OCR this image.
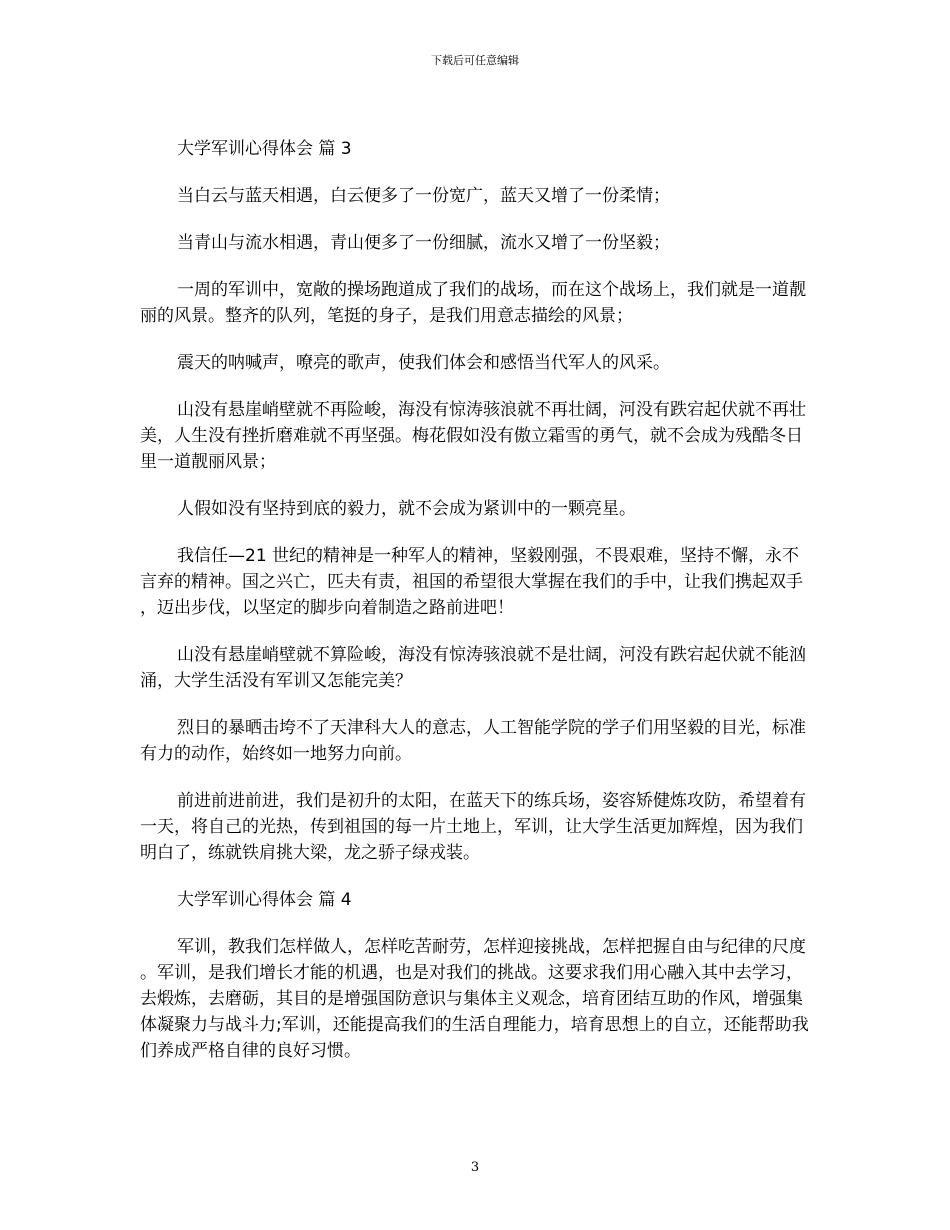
下载后可任意编辑

大学军训心得体会 篇 3

当白云与蓝天相遇，白云便多了一份宽广，蓝天又增了一份柔情；

当青山与流水相遇，青山便多了一份细腻，流水又增了一份坚毅；

一周的军训中，宽敞的操场跑道成了我们的战场，而在这个战场上，我们就是一道靓丽的风景。整齐的队列，笔挺的身子，是我们用意志描绘的风景；

震天的呐喊声，嘹亮的歌声，使我们体会和感悟当代军人的风采。

山没有悬崖峭壁就不再险峻，海没有惊涛骇浪就不再壮阔，河没有跌宕起伏就不再壮美，人生没有挫折磨难就不再坚强。梅花假如没有傲立霜雪的勇气，就不会成为残酷冬日里一道靓丽风景；

人假如没有坚持到底的毅力，就不会成为紧训中的一颗亮星。

我信任—21 世纪的精神是一种军人的精神，坚毅刚强，不畏艰难，坚持不懈，永不言弃的精神。国之兴亡，匹夫有责，祖国的希望很大掌握在我们的手中，让我们携起双手，迈出步伐，以坚定的脚步向着制造之路前进吧！

山没有悬崖峭壁就不算险峻，海没有惊涛骇浪就不是壮阔，河没有跌宕起伏就不能汹涌，大学生活没有军训又怎能完美？

烈日的暴晒击垮不了天津科大人的意志，人工智能学院的学子们用坚毅的目光，标准有力的动作，始终如一地努力向前。

前进前进前进，我们是初升的太阳，在蓝天下的练兵场，姿容矫健炼攻防，希望着有一天，将自己的光热，传到祖国的每一片土地上，军训，让大学生活更加辉煌，因为我们明白了，练就铁肩挑大梁，龙之骄子绿戎装。

大学军训心得体会 篇 4

军训，教我们怎样做人，怎样吃苦耐劳，怎样迎接挑战，怎样把握自由与纪律的尺度。军训，是我们增长才能的机遇，也是对我们的挑战。这要求我们用心融入其中去学习，去煅炼，去磨砺，其目的是增强国防意识与集体主义观念，培育团结互助的作风，增强集体凝聚力与战斗力;军训，还能提高我们的生活自理能力，培育思想上的自立，还能帮助我们养成严格自律的良好习惯。

3
